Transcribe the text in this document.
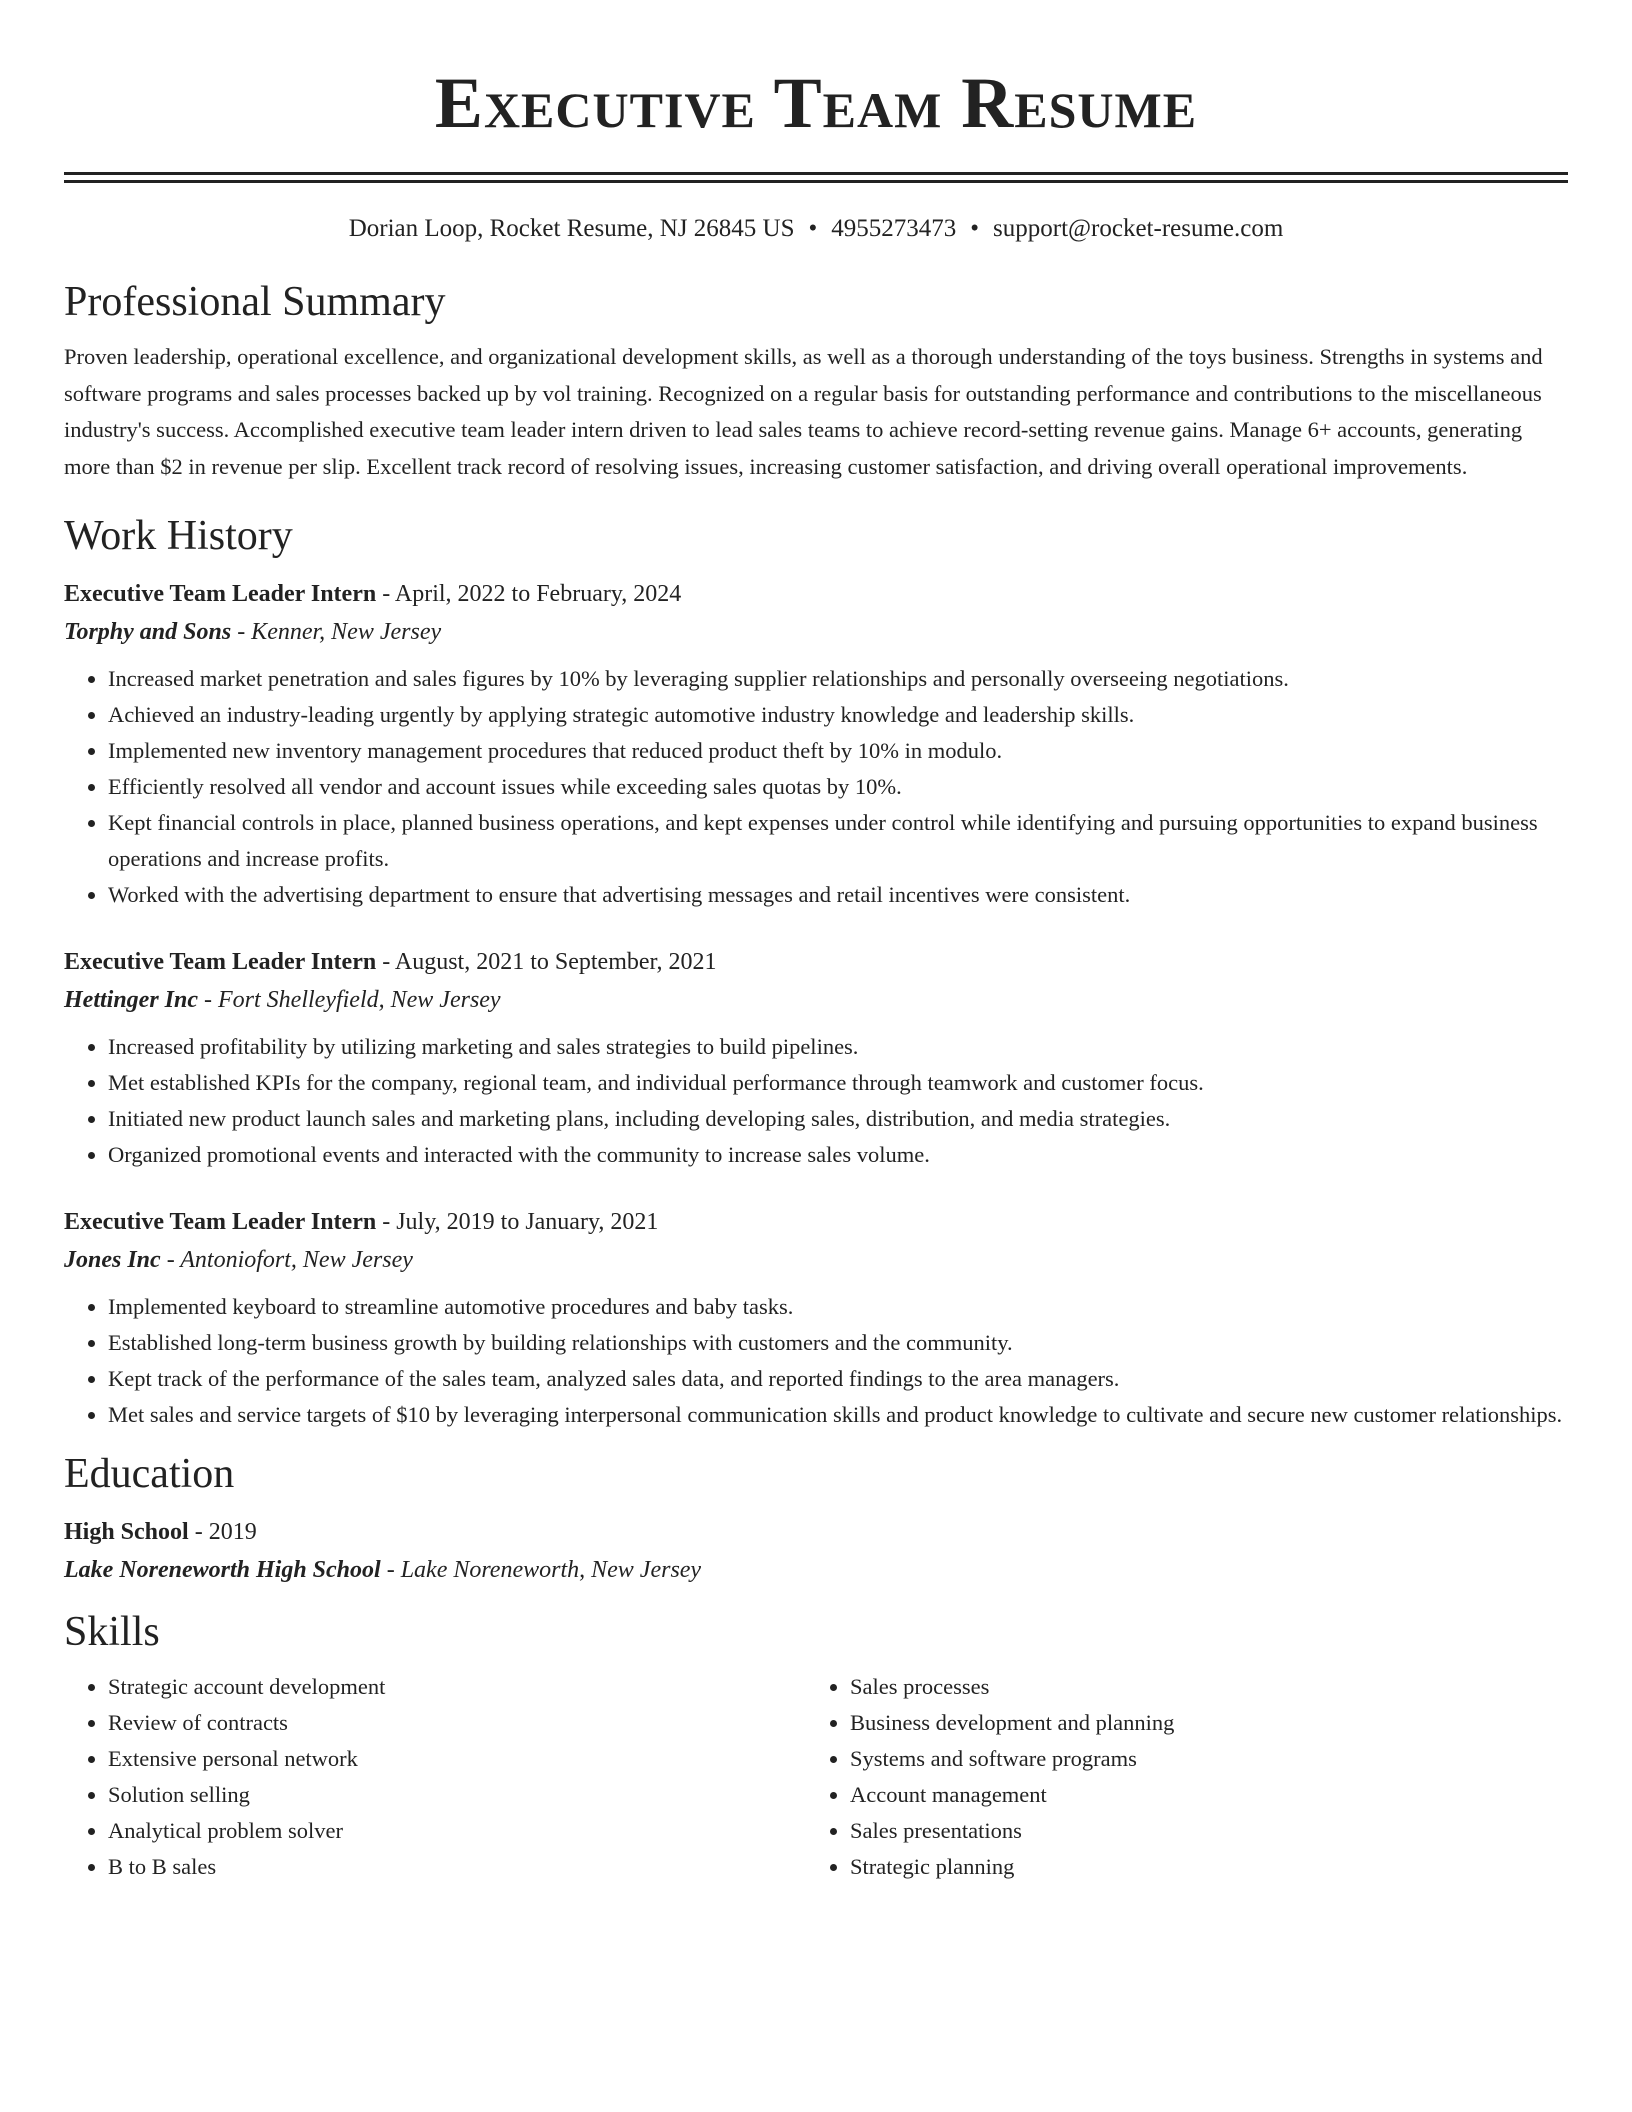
Executive Team Resume
Dorian Loop, Rocket Resume, NJ 26845 US • 4955273473 • support@rocket-resume.com
Professional Summary

Proven leadership, operational excellence, and organizational development skills, as well as a thorough understanding of the toys business. Strengths in systems and software programs and sales processes backed up by vol training. Recognized on a regular basis for outstanding performance and contributions to the miscellaneous industry's success. Accomplished executive team leader intern driven to lead sales teams to achieve record-setting revenue gains. Manage 6+ accounts, generating more than $2 in revenue per slip. Excellent track record of resolving issues, increasing customer satisfaction, and driving overall operational improvements.

Work History
Executive Team Leader Intern - April, 2022 to February, 2024
Torphy and Sons - Kenner, New Jersey
• Increased market penetration and sales figures by 10% by leveraging supplier relationships and personally overseeing negotiations.
• Achieved an industry-leading urgently by applying strategic automotive industry knowledge and leadership skills.
• Implemented new inventory management procedures that reduced product theft by 10% in modulo.
• Efficiently resolved all vendor and account issues while exceeding sales quotas by 10%.
• Kept financial controls in place, planned business operations, and kept expenses under control while identifying and pursuing opportunities to expand business operations and increase profits.
• Worked with the advertising department to ensure that advertising messages and retail incentives were consistent.
Executive Team Leader Intern - August, 2021 to September, 2021
Hettinger Inc - Fort Shelleyfield, New Jersey
• Increased profitability by utilizing marketing and sales strategies to build pipelines.
• Met established KPIs for the company, regional team, and individual performance through teamwork and customer focus.
• Initiated new product launch sales and marketing plans, including developing sales, distribution, and media strategies.
• Organized promotional events and interacted with the community to increase sales volume.
Executive Team Leader Intern - July, 2019 to January, 2021
Jones Inc - Antoniofort, New Jersey
• Implemented keyboard to streamline automotive procedures and baby tasks.
• Established long-term business growth by building relationships with customers and the community.
• Kept track of the performance of the sales team, analyzed sales data, and reported findings to the area managers.
• Met sales and service targets of $10 by leveraging interpersonal communication skills and product knowledge to cultivate and secure new customer relationships.
Education
High School - 2019
Lake Noreneworth High School - Lake Noreneworth, New Jersey
Skills
• Strategic account development
• Review of contracts
• Extensive personal network
• Solution selling
• Analytical problem solver
• B to B sales
• Sales processes
• Business development and planning
• Systems and software programs
• Account management
• Sales presentations
• Strategic planning
